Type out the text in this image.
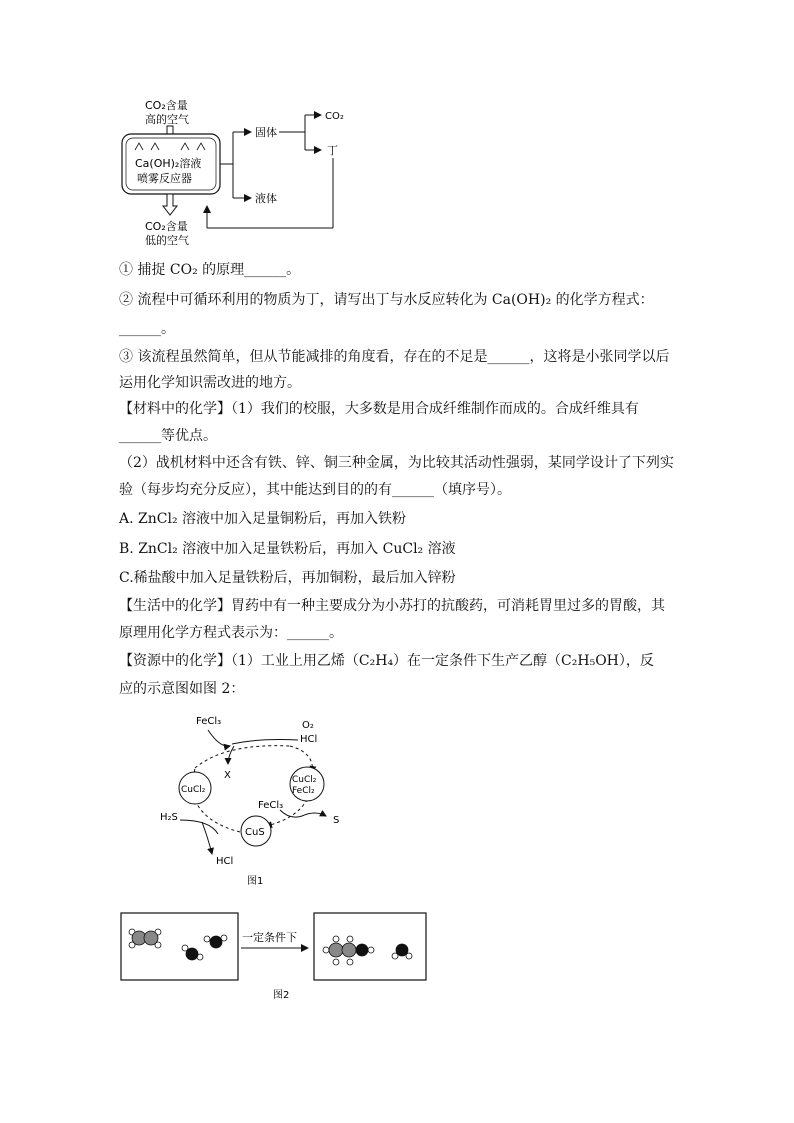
CO₂含量
高的空气
Ca(OH)₂溶液
喷雾反应器
CO₂含量
低的空气
固体
液体
CO₂
丁
① 捕捉 CO₂ 的原理______。
② 流程中可循环利用的物质为丁，请写出丁与水反应转化为 Ca(OH)₂ 的化学方程式：
______。
③ 该流程虽然简单，但从节能减排的角度看，存在的不足是______，这将是小张同学以后
运用化学知识需改进的地方。
【材料中的化学】（1）我们的校服，大多数是用合成纤维制作而成的。合成纤维具有
______等优点。
（2）战机材料中还含有铁、锌、铜三种金属，为比较其活动性强弱，某同学设计了下列实
验（每步均充分反应），其中能达到目的的有______（填序号）。
A. ZnCl₂ 溶液中加入足量铜粉后，再加入铁粉
B. ZnCl₂ 溶液中加入足量铁粉后，再加入 CuCl₂ 溶液
C.稀盐酸中加入足量铁粉后，再加铜粉，最后加入锌粉
【生活中的化学】胃药中有一种主要成分为小苏打的抗酸药，可消耗胃里过多的胃酸，其
原理用化学方程式表示为：______。
【资源中的化学】（1）工业上用乙烯（C₂H₄）在一定条件下生产乙醇（C₂H₅OH），反
应的示意图如图 2：
FeCl₃	O₂
HCl
X
CuCl₂
CuCl₂
FeCl₂
FeCl₃
S
H₂S
HCl
CuS
图1
一定条件下
图2
